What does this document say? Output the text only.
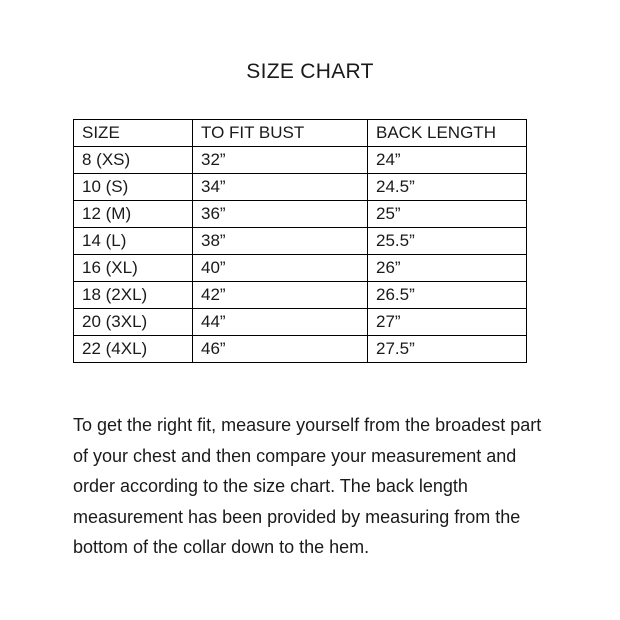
SIZE CHART
SIZE	TO FIT BUST	BACK LENGTH
8 (XS)	32”	24”
10 (S)	34”	24.5”
12 (M)	36”	25”
14 (L)	38”	25.5”
16 (XL)	40”	26”
18 (2XL)	42”	26.5”
20 (3XL)	44”	27”
22 (4XL)	46”	27.5”

To get the right fit, measure yourself from the broadest part of your chest and then compare your measurement and order according to the size chart. The back length measurement has been provided by measuring from the bottom of the collar down to the hem.
